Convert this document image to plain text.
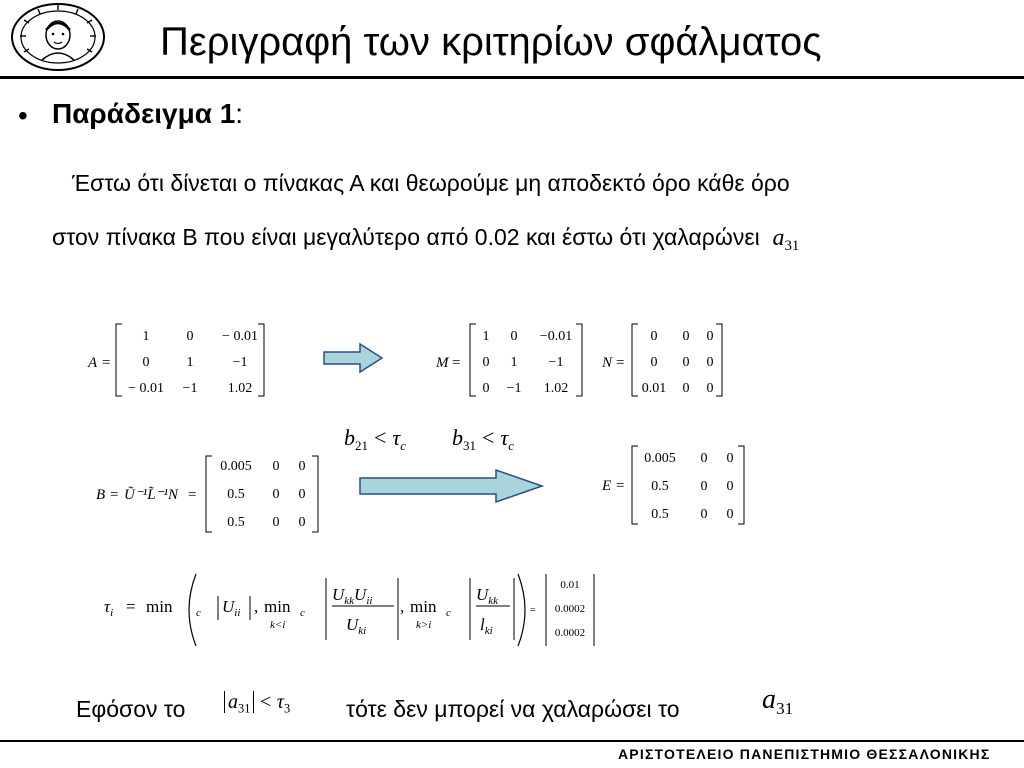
Περιγραφή των κριτηρίων σφάλματος
• Παράδειγμα 1:
Έστω ότι δίνεται ο πίνακας Α και θεωρούμε μη αποδεκτό όρο κάθε όρο
στον πίνακα Β που είναι μεγαλύτερο από 0.02 και έστω ότι χαλαρώνει $a_{31}$
A =
1	0 − 0.01
0	1	−1
− 0.01 −1 1.02
M =
1 0 −0.01
0 1 −1
0 −1 1.02
N =
0 0 0
0 0 0
0.01 0 0
$b_{21} < \tau_c$ $b_{31} < \tau_c$
B = Ũ⁻¹L̃⁻¹N =
0.005 0 0
0.5 0 0
0.5 0 0
E =
0.005 0 0
0.5 0 0
0.5 0 0
$\tau_i = \min _c$ $U_{ii}$ , min
k<i
$_c$
$U_{kk}U_{ii}$
$U_{ki}$
, min
k>i
$_c$
$U_{kk}$
$l_{ki}$
=
0.01
0.0002
0.0002
Εφόσον το $a_{31} < \tau_3$ τότε δεν μπορεί να χαλαρώσει το	$a_{31}$
ΑΡΙΣΤΟΤΕΛΕΙΟ ΠΑΝΕΠΙΣΤΗΜΙΟ ΘΕΣΣΑΛΟΝΙΚΗΣ
